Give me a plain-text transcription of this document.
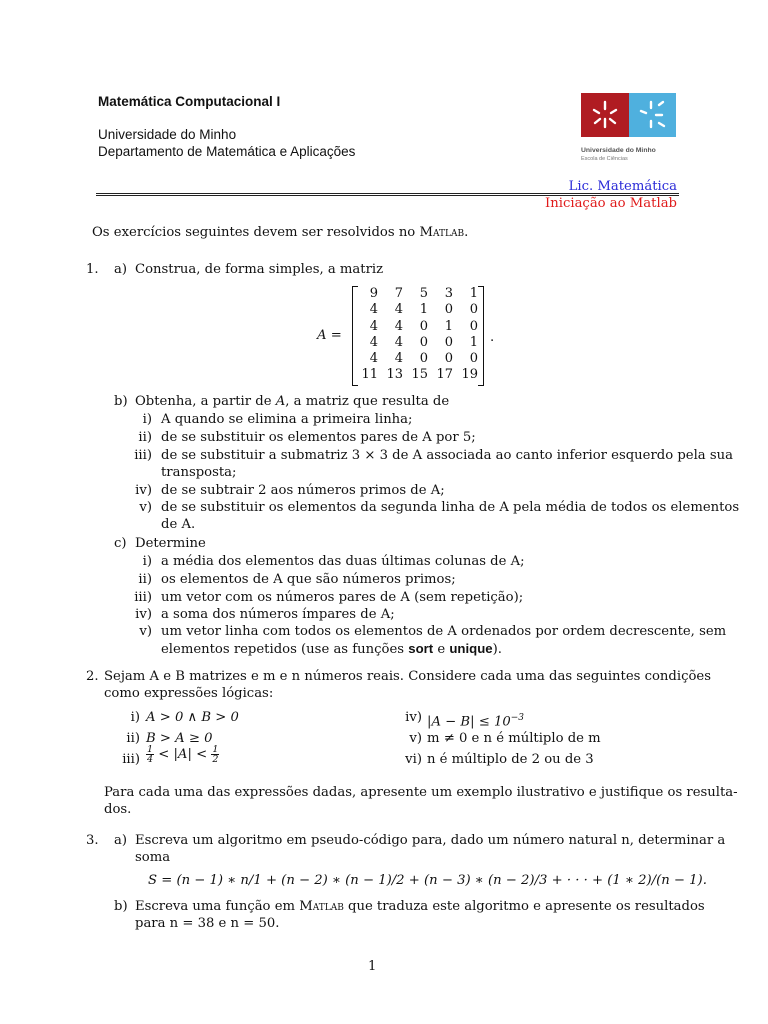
Matemática Computacional I
Universidade do Minho
Departamento de Matemática e Aplicações	Universidade do Minho
Escola de Ciências
Lic. Matemática
Iniciação ao Matlab
Os exercícios seguintes devem ser resolvidos no Matlab.
1. a) Construa, de forma simples, a matriz
A =
9	7	5	3	1
4	4	1	0	0
4	4	0	1	0
4	4	0	0	1
4	4	0	0	0
11	13	15	17	19
.
b) Obtenha, a partir de A, a matriz que resulta de
i) A quando se elimina a primeira linha;
ii) de se substituir os elementos pares de A por 5;
iii) de se substituir a submatriz 3 × 3 de A associada ao canto inferior esquerdo pela sua
transposta;
iv) de se subtrair 2 aos números primos de A;
v) de se substituir os elementos da segunda linha de A pela média de todos os elementos
de A.
c) Determine
i) a média dos elementos das duas últimas colunas de A;
ii) os elementos de A que são números primos;
iii) um vetor com os números pares de A (sem repetição);
iv) a soma dos números ímpares de A;
v) um vetor linha com todos os elementos de A ordenados por ordem decrescente, sem
elementos repetidos (use as funções sort e unique).
2. Sejam A e B matrizes e m e n números reais. Considere cada uma das seguintes condições
como expressões lógicas:
i) A > 0 ∧ B > 0
ii) B > A ≥ 0
$iii) \frac{1}{4} < |A| < \frac{1}{2}$
iv) $|A - B| \le 10^{-3}$
v) m ≠ 0 e n é múltiplo de m
vi) n é múltiplo de 2 ou de 3
Para cada uma das expressões dadas, apresente um exemplo ilustrativo e justifique os resulta-
dos.
3. a) Escreva um algoritmo em pseudo-código para, dado um número natural n, determinar a
soma
S = (n − 1) ∗ n/1 + (n − 2) ∗ (n − 1)/2 + (n − 3) ∗ (n − 2)/3 + · · · + (1 ∗ 2)/(n − 1).
b) Escreva uma função em Matlab que traduza este algoritmo e apresente os resultados
para n = 38 e n = 50.
1
